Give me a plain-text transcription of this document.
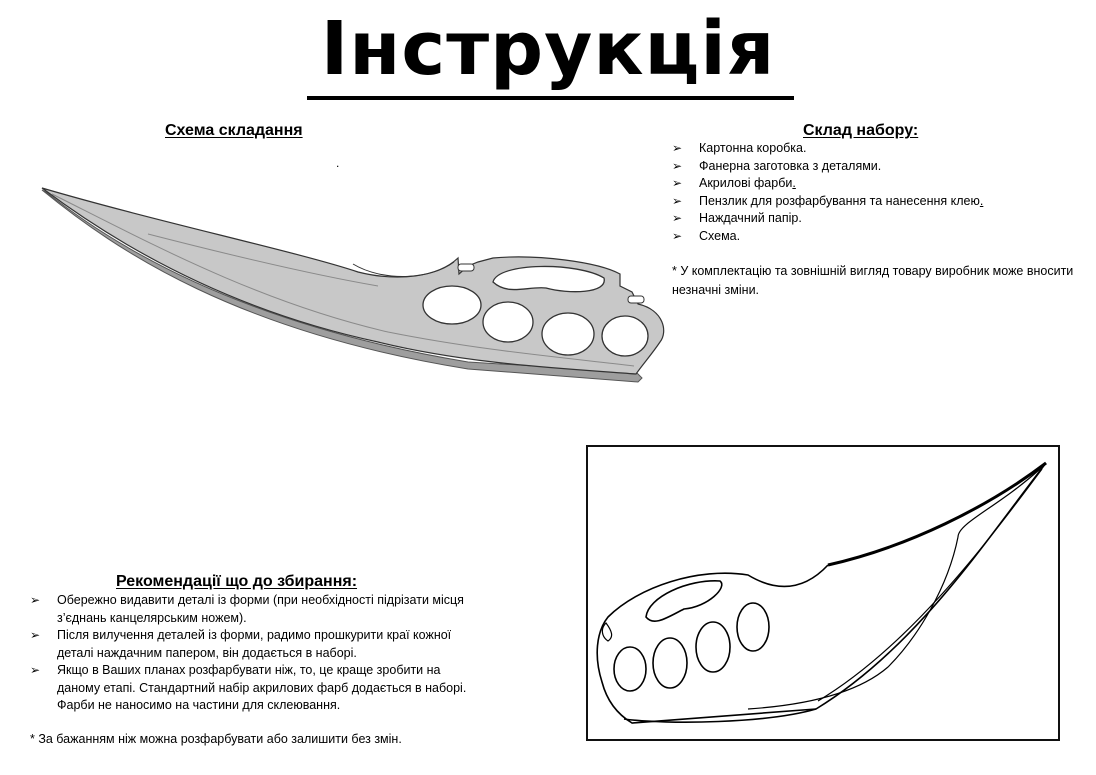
Інструкція
Схема складання
.
Склад набору:
➢ Картонна коробка.
➢ Фанерна заготовка з деталями.
➢ Акрилові фарби.
➢ Пензлик для розфарбування та нанесення клею.
➢ Наждачний папір.
➢ Схема.
* У комплектацію та зовнішній вигляд товару виробник може вносити незначні зміни.
Рекомендації що до збирання:
➢ Обережно видавити деталі із форми (при необхідності підрізати місця з’єднань канцелярським ножем).
➢ Після вилучення деталей із форми, радимо прошкурити краї кожної деталі наждачним папером, він додається в наборі.
➢ Якщо в Ваших планах розфарбувати ніж, то, це краще зробити на даному етапі. Стандартний набір акрилових фарб додається в наборі. Фарби не наносимо на частини для склеювання.
* За бажанням ніж можна розфарбувати або залишити без змін.
